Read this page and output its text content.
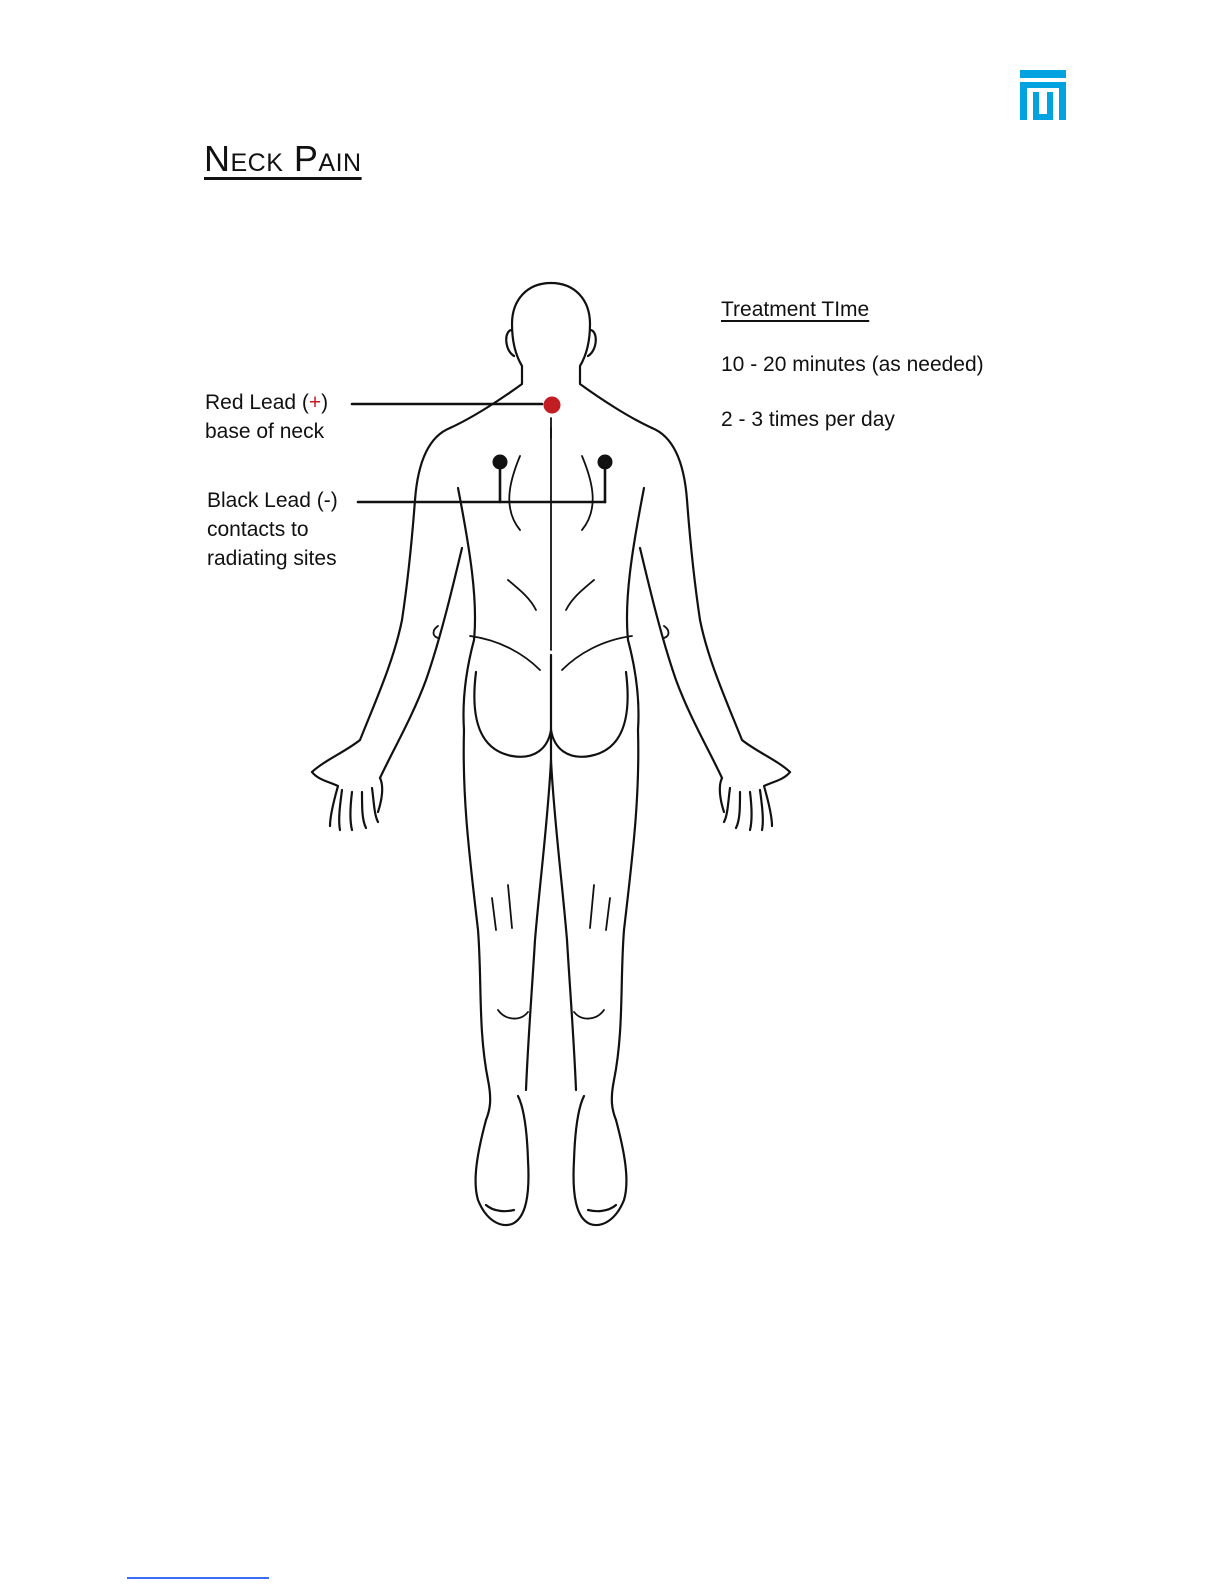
Neck Pain
Red Lead (+)
base of neck
Black Lead (-)
contacts to
radiating sites
Treatment TIme
10 - 20 minutes (as needed)
2 - 3 times per day
